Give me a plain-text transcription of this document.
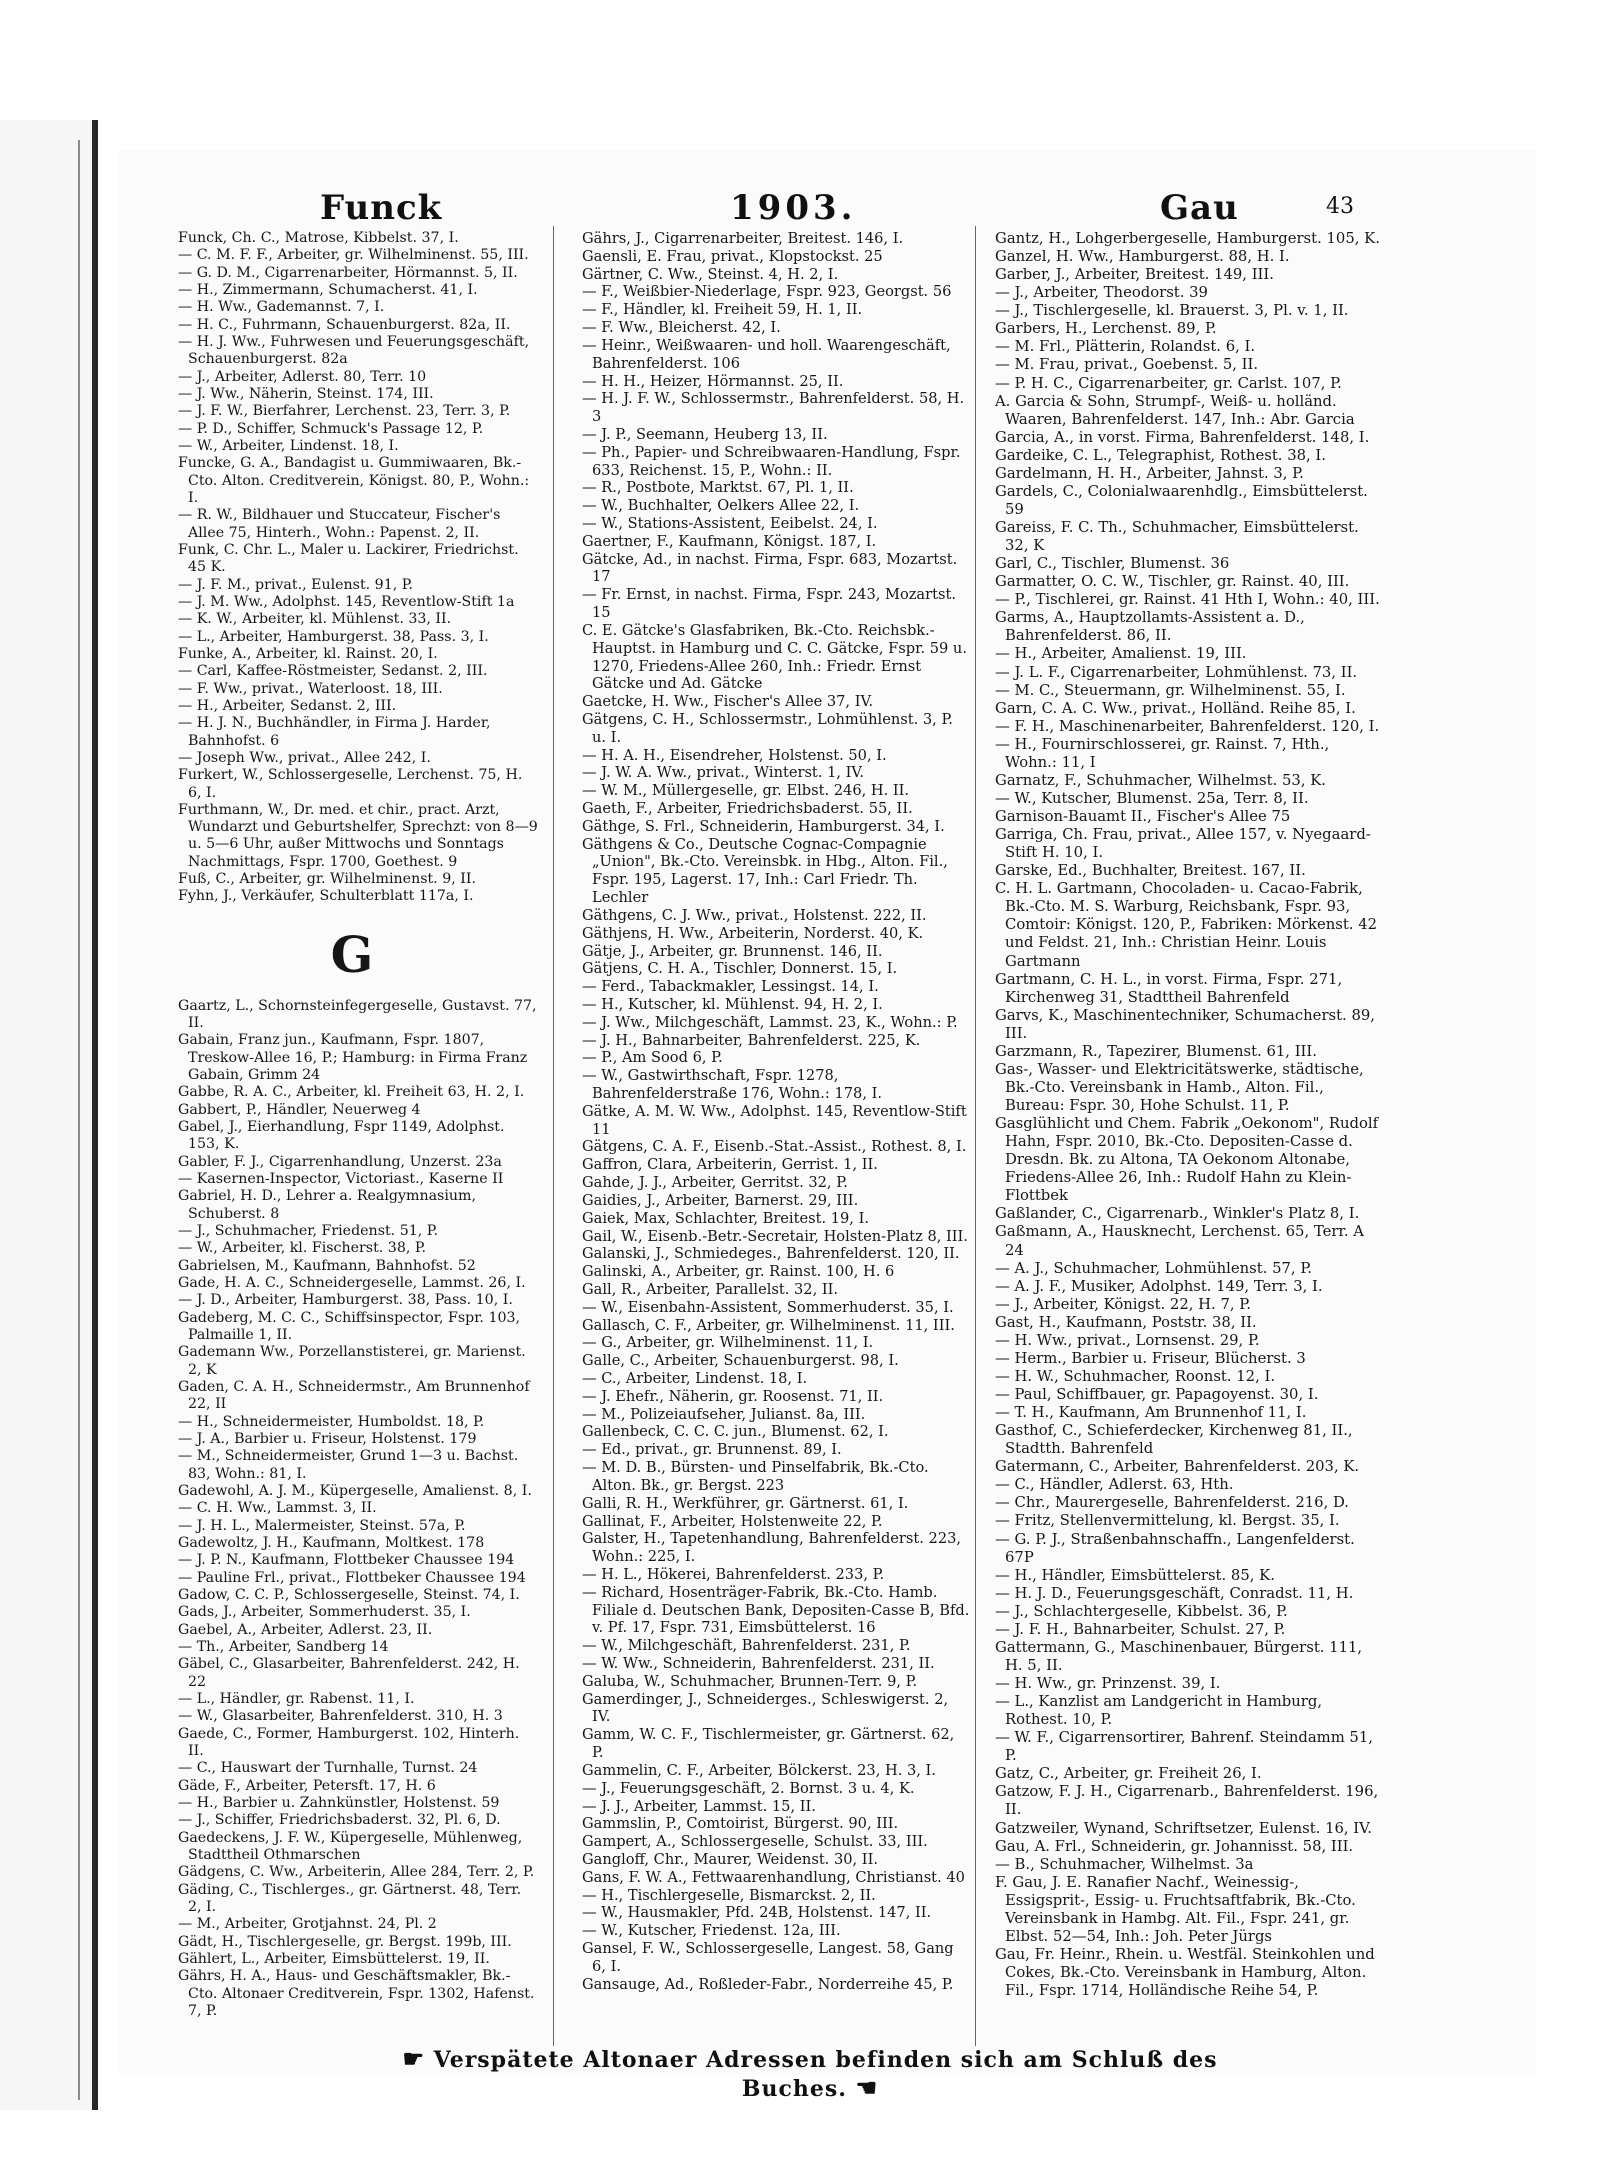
Funck	1903.	Gau	43
Funck, Ch. C., Matrose, Kibbelst. 37, I.
— C. M. F. F., Arbeiter, gr. Wilhelminenst. 55, III.
— G. D. M., Cigarrenarbeiter, Hörmannst. 5, II.
— H., Zimmermann, Schumacherst. 41, I.
— H. Ww., Gademannst. 7, I.
— H. C., Fuhrmann, Schauenburgerst. 82a, II.
— H. J. Ww., Fuhrwesen und Feuerungsgeschäft, Schauenburgerst. 82a
— J., Arbeiter, Adlerst. 80, Terr. 10
— J. Ww., Näherin, Steinst. 174, III.
— J. F. W., Bierfahrer, Lerchenst. 23, Terr. 3, P.
— P. D., Schiffer, Schmuck's Passage 12, P.
— W., Arbeiter, Lindenst. 18, I.
Funcke, G. A., Bandagist u. Gummiwaaren, Bk.-Cto. Alton. Creditverein, Königst. 80, P., Wohn.: I.
— R. W., Bildhauer und Stuccateur, Fischer's Allee 75, Hinterh., Wohn.: Papenst. 2, II.
Funk, C. Chr. L., Maler u. Lackirer, Friedrichst. 45 K.
— J. F. M., privat., Eulenst. 91, P.
— J. M. Ww., Adolphst. 145, Reventlow-Stift 1a
— K. W., Arbeiter, kl. Mühlenst. 33, II.
— L., Arbeiter, Hamburgerst. 38, Pass. 3, I.
Funke, A., Arbeiter, kl. Rainst. 20, I.
— Carl, Kaffee-Röstmeister, Sedanst. 2, III.
— F. Ww., privat., Waterloost. 18, III.
— H., Arbeiter, Sedanst. 2, III.
— H. J. N., Buchhändler, in Firma J. Harder, Bahnhofst. 6
— Joseph Ww., privat., Allee 242, I.
Furkert, W., Schlossergeselle, Lerchenst. 75, H. 6, I.
Furthmann, W., Dr. med. et chir., pract. Arzt, Wundarzt und Geburtshelfer, Sprechzt: von 8—9 u. 5—6 Uhr, außer Mittwochs und Sonntags Nachmittags, Fspr. 1700, Goethest. 9
Fuß, C., Arbeiter, gr. Wilhelminenst. 9, II.
Fyhn, J., Verkäufer, Schulterblatt 117a, I.
G
Gaartz, L., Schornsteinfegergeselle, Gustavst. 77, II.
Gabain, Franz jun., Kaufmann, Fspr. 1807, Treskow-Allee 16, P.; Hamburg: in Firma Franz Gabain, Grimm 24
Gabbe, R. A. C., Arbeiter, kl. Freiheit 63, H. 2, I.
Gabbert, P., Händler, Neuerweg 4
Gabel, J., Eierhandlung, Fspr 1149, Adolphst. 153, K.
Gabler, F. J., Cigarrenhandlung, Unzerst. 23a
— Kasernen-Inspector, Victoriast., Kaserne II
Gabriel, H. D., Lehrer a. Realgymnasium, Schuberst. 8
— J., Schuhmacher, Friedenst. 51, P.
— W., Arbeiter, kl. Fischerst. 38, P.
Gabrielsen, M., Kaufmann, Bahnhofst. 52
Gade, H. A. C., Schneidergeselle, Lammst. 26, I.
— J. D., Arbeiter, Hamburgerst. 38, Pass. 10, I.
Gadeberg, M. C. C., Schiffsinspector, Fspr. 103, Palmaille 1, II.
Gademann Ww., Porzellanstisterei, gr. Marienst. 2, K
Gaden, C. A. H., Schneidermstr., Am Brunnenhof 22, II
— H., Schneidermeister, Humboldst. 18, P.
— J. A., Barbier u. Friseur, Holstenst. 179
— M., Schneidermeister, Grund 1—3 u. Bachst. 83, Wohn.: 81, I.
Gadewohl, A. J. M., Küpergeselle, Amalienst. 8, I.
— C. H. Ww., Lammst. 3, II.
— J. H. L., Malermeister, Steinst. 57a, P.
Gadewoltz, J. H., Kaufmann, Moltkest. 178
— J. P. N., Kaufmann, Flottbeker Chaussee 194
— Pauline Frl., privat., Flottbeker Chaussee 194
Gadow, C. C. P., Schlossergeselle, Steinst. 74, I.
Gads, J., Arbeiter, Sommerhuderst. 35, I.
Gaebel, A., Arbeiter, Adlerst. 23, II.
— Th., Arbeiter, Sandberg 14
Gäbel, C., Glasarbeiter, Bahrenfelderst. 242, H. 22
— L., Händler, gr. Rabenst. 11, I.
— W., Glasarbeiter, Bahrenfelderst. 310, H. 3
Gaede, C., Former, Hamburgerst. 102, Hinterh. II.
— C., Hauswart der Turnhalle, Turnst. 24
Gäde, F., Arbeiter, Petersft. 17, H. 6
— H., Barbier u. Zahnkünstler, Holstenst. 59
— J., Schiffer, Friedrichsbaderst. 32, Pl. 6, D.
Gaedeckens, J. F. W., Küpergeselle, Mühlenweg, Stadttheil Othmarschen
Gädgens, C. Ww., Arbeiterin, Allee 284, Terr. 2, P.
Gäding, C., Tischlerges., gr. Gärtnerst. 48, Terr. 2, I.
— M., Arbeiter, Grotjahnst. 24, Pl. 2
Gädt, H., Tischlergeselle, gr. Bergst. 199b, III.
Gählert, L., Arbeiter, Eimsbüttelerst. 19, II.
Gährs, H. A., Haus- und Geschäftsmakler, Bk.-Cto. Altonaer Creditverein, Fspr. 1302, Hafenst. 7, P.
Gährs, J., Cigarrenarbeiter, Breitest. 146, I.
Gaensli, E. Frau, privat., Klopstockst. 25
Gärtner, C. Ww., Steinst. 4, H. 2, I.
— F., Weißbier-Niederlage, Fspr. 923, Georgst. 56
— F., Händler, kl. Freiheit 59, H. 1, II.
— F. Ww., Bleicherst. 42, I.
— Heinr., Weißwaaren- und holl. Waarengeschäft, Bahrenfelderst. 106
— H. H., Heizer, Hörmannst. 25, II.
— H. J. F. W., Schlossermstr., Bahrenfelderst. 58, H. 3
— J. P., Seemann, Heuberg 13, II.
— Ph., Papier- und Schreibwaaren-Handlung, Fspr. 633, Reichenst. 15, P., Wohn.: II.
— R., Postbote, Marktst. 67, Pl. 1, II.
— W., Buchhalter, Oelkers Allee 22, I.
— W., Stations-Assistent, Eeibelst. 24, I.
Gaertner, F., Kaufmann, Königst. 187, I.
Gätcke, Ad., in nachst. Firma, Fspr. 683, Mozartst. 17
— Fr. Ernst, in nachst. Firma, Fspr. 243, Mozartst. 15
C. E. Gätcke's Glasfabriken, Bk.-Cto. Reichsbk.-Hauptst. in Hamburg und C. C. Gätcke, Fspr. 59 u. 1270, Friedens-Allee 260, Inh.: Friedr. Ernst Gätcke und Ad. Gätcke
Gaetcke, H. Ww., Fischer's Allee 37, IV.
Gätgens, C. H., Schlossermstr., Lohmühlenst. 3, P. u. I.
— H. A. H., Eisendreher, Holstenst. 50, I.
— J. W. A. Ww., privat., Winterst. 1, IV.
— W. M., Müllergeselle, gr. Elbst. 246, H. II.
Gaeth, F., Arbeiter, Friedrichsbaderst. 55, II.
Gäthge, S. Frl., Schneiderin, Hamburgerst. 34, I.
Gäthgens & Co., Deutsche Cognac-Compagnie „Union", Bk.-Cto. Vereinsbk. in Hbg., Alton. Fil., Fspr. 195, Lagerst. 17, Inh.: Carl Friedr. Th. Lechler
Gäthgens, C. J. Ww., privat., Holstenst. 222, II.
Gäthjens, H. Ww., Arbeiterin, Norderst. 40, K.
Gätje, J., Arbeiter, gr. Brunnenst. 146, II.
Gätjens, C. H. A., Tischler, Donnerst. 15, I.
— Ferd., Tabackmakler, Lessingst. 14, I.
— H., Kutscher, kl. Mühlenst. 94, H. 2, I.
— J. Ww., Milchgeschäft, Lammst. 23, K., Wohn.: P.
— J. H., Bahnarbeiter, Bahrenfelderst. 225, K.
— P., Am Sood 6, P.
— W., Gastwirthschaft, Fspr. 1278, Bahrenfelderstraße 176, Wohn.: 178, I.
Gätke, A. M. W. Ww., Adolphst. 145, Reventlow-Stift 11
Gätgens, C. A. F., Eisenb.-Stat.-Assist., Rothest. 8, I.
Gaffron, Clara, Arbeiterin, Gerrist. 1, II.
Gahde, J. J., Arbeiter, Gerritst. 32, P.
Gaidies, J., Arbeiter, Barnerst. 29, III.
Gaiek, Max, Schlachter, Breitest. 19, I.
Gail, W., Eisenb.-Betr.-Secretair, Holsten-Platz 8, III.
Galanski, J., Schmiedeges., Bahrenfelderst. 120, II.
Galinski, A., Arbeiter, gr. Rainst. 100, H. 6
Gall, R., Arbeiter, Parallelst. 32, II.
— W., Eisenbahn-Assistent, Sommerhuderst. 35, I.
Gallasch, C. F., Arbeiter, gr. Wilhelminenst. 11, III.
— G., Arbeiter, gr. Wilhelminenst. 11, I.
Galle, C., Arbeiter, Schauenburgerst. 98, I.
— C., Arbeiter, Lindenst. 18, I.
— J. Ehefr., Näherin, gr. Roosenst. 71, II.
— M., Polizeiaufseher, Julianst. 8a, III.
Gallenbeck, C. C. C. jun., Blumenst. 62, I.
— Ed., privat., gr. Brunnenst. 89, I.
— M. D. B., Bürsten- und Pinselfabrik, Bk.-Cto. Alton. Bk., gr. Bergst. 223
Galli, R. H., Werkführer, gr. Gärtnerst. 61, I.
Gallinat, F., Arbeiter, Holstenweite 22, P.
Galster, H., Tapetenhandlung, Bahrenfelderst. 223, Wohn.: 225, I.
— H. L., Hökerei, Bahrenfelderst. 233, P.
— Richard, Hosenträger-Fabrik, Bk.-Cto. Hamb. Filiale d. Deutschen Bank, Depositen-Casse B, Bfd. v. Pf. 17, Fspr. 731, Eimsbüttelerst. 16
— W., Milchgeschäft, Bahrenfelderst. 231, P.
— W. Ww., Schneiderin, Bahrenfelderst. 231, II.
Galuba, W., Schuhmacher, Brunnen-Terr. 9, P.
Gamerdinger, J., Schneiderges., Schleswigerst. 2, IV.
Gamm, W. C. F., Tischlermeister, gr. Gärtnerst. 62, P.
Gammelin, C. F., Arbeiter, Bölckerst. 23, H. 3, I.
— J., Feuerungsgeschäft, 2. Bornst. 3 u. 4, K.
— J. J., Arbeiter, Lammst. 15, II.
Gammslin, P., Comtoirist, Bürgerst. 90, III.
Gampert, A., Schlossergeselle, Schulst. 33, III.
Gangloff, Chr., Maurer, Weidenst. 30, II.
Gans, F. W. A., Fettwaarenhandlung, Christianst. 40
— H., Tischlergeselle, Bismarckst. 2, II.
— W., Hausmakler, Pfd. 24B, Holstenst. 147, II.
— W., Kutscher, Friedenst. 12a, III.
Gansel, F. W., Schlossergeselle, Langest. 58, Gang 6, I.
Gansauge, Ad., Roßleder-Fabr., Norderreihe 45, P.
Gantz, H., Lohgerbergeselle, Hamburgerst. 105, K.
Ganzel, H. Ww., Hamburgerst. 88, H. I.
Garber, J., Arbeiter, Breitest. 149, III.
— J., Arbeiter, Theodorst. 39
— J., Tischlergeselle, kl. Brauerst. 3, Pl. v. 1, II.
Garbers, H., Lerchenst. 89, P.
— M. Frl., Plätterin, Rolandst. 6, I.
— M. Frau, privat., Goebenst. 5, II.
— P. H. C., Cigarrenarbeiter, gr. Carlst. 107, P.
A. Garcia & Sohn, Strumpf-, Weiß- u. holländ. Waaren, Bahrenfelderst. 147, Inh.: Abr. Garcia
Garcia, A., in vorst. Firma, Bahrenfelderst. 148, I.
Gardeike, C. L., Telegraphist, Rothest. 38, I.
Gardelmann, H. H., Arbeiter, Jahnst. 3, P.
Gardels, C., Colonialwaarenhdlg., Eimsbüttelerst. 59
Gareiss, F. C. Th., Schuhmacher, Eimsbüttelerst. 32, K
Garl, C., Tischler, Blumenst. 36
Garmatter, O. C. W., Tischler, gr. Rainst. 40, III.
— P., Tischlerei, gr. Rainst. 41 Hth I, Wohn.: 40, III.
Garms, A., Hauptzollamts-Assistent a. D., Bahrenfelderst. 86, II.
— H., Arbeiter, Amalienst. 19, III.
— J. L. F., Cigarrenarbeiter, Lohmühlenst. 73, II.
— M. C., Steuermann, gr. Wilhelminenst. 55, I.
Garn, C. A. C. Ww., privat., Holländ. Reihe 85, I.
— F. H., Maschinenarbeiter, Bahrenfelderst. 120, I.
— H., Fournirschlosserei, gr. Rainst. 7, Hth., Wohn.: 11, I
Garnatz, F., Schuhmacher, Wilhelmst. 53, K.
— W., Kutscher, Blumenst. 25a, Terr. 8, II.
Garnison-Bauamt II., Fischer's Allee 75
Garriga, Ch. Frau, privat., Allee 157, v. Nyegaard-Stift H. 10, I.
Garske, Ed., Buchhalter, Breitest. 167, II.
C. H. L. Gartmann, Chocoladen- u. Cacao-Fabrik, Bk.-Cto. M. S. Warburg, Reichsbank, Fspr. 93, Comtoir: Königst. 120, P., Fabriken: Mörkenst. 42 und Feldst. 21, Inh.: Christian Heinr. Louis Gartmann
Gartmann, C. H. L., in vorst. Firma, Fspr. 271, Kirchenweg 31, Stadttheil Bahrenfeld
Garvs, K., Maschinentechniker, Schumacherst. 89, III.
Garzmann, R., Tapezirer, Blumenst. 61, III.
Gas-, Wasser- und Elektricitätswerke, städtische, Bk.-Cto. Vereinsbank in Hamb., Alton. Fil., Bureau: Fspr. 30, Hohe Schulst. 11, P.
Gasglühlicht und Chem. Fabrik „Oekonom", Rudolf Hahn, Fspr. 2010, Bk.-Cto. Depositen-Casse d. Dresdn. Bk. zu Altona, TA Oekonom Altonabe, Friedens-Allee 26, Inh.: Rudolf Hahn zu Klein-Flottbek
Gaßlander, C., Cigarrenarb., Winkler's Platz 8, I.
Gaßmann, A., Hausknecht, Lerchenst. 65, Terr. A 24
— A. J., Schuhmacher, Lohmühlenst. 57, P.
— A. J. F., Musiker, Adolphst. 149, Terr. 3, I.
— J., Arbeiter, Königst. 22, H. 7, P.
Gast, H., Kaufmann, Poststr. 38, II.
— H. Ww., privat., Lornsenst. 29, P.
— Herm., Barbier u. Friseur, Blücherst. 3
— H. W., Schuhmacher, Roonst. 12, I.
— Paul, Schiffbauer, gr. Papagoyenst. 30, I.
— T. H., Kaufmann, Am Brunnenhof 11, I.
Gasthof, C., Schieferdecker, Kirchenweg 81, II., Stadtth. Bahrenfeld
Gatermann, C., Arbeiter, Bahrenfelderst. 203, K.
— C., Händler, Adlerst. 63, Hth.
— Chr., Maurergeselle, Bahrenfelderst. 216, D.
— Fritz, Stellenvermittelung, kl. Bergst. 35, I.
— G. P. J., Straßenbahnschaffn., Langenfelderst. 67P
— H., Händler, Eimsbüttelerst. 85, K.
— H. J. D., Feuerungsgeschäft, Conradst. 11, H.
— J., Schlachtergeselle, Kibbelst. 36, P.
— J. F. H., Bahnarbeiter, Schulst. 27, P.
Gattermann, G., Maschinenbauer, Bürgerst. 111, H. 5, II.
— H. Ww., gr. Prinzenst. 39, I.
— L., Kanzlist am Landgericht in Hamburg, Rothest. 10, P.
— W. F., Cigarrensortirer, Bahrenf. Steindamm 51, P.
Gatz, C., Arbeiter, gr. Freiheit 26, I.
Gatzow, F. J. H., Cigarrenarb., Bahrenfelderst. 196, II.
Gatzweiler, Wynand, Schriftsetzer, Eulenst. 16, IV.
Gau, A. Frl., Schneiderin, gr. Johannisst. 58, III.
— B., Schuhmacher, Wilhelmst. 3a
F. Gau, J. E. Ranafier Nachf., Weinessig-, Essigsprit-, Essig- u. Fruchtsaftfabrik, Bk.-Cto. Vereinsbank in Hambg. Alt. Fil., Fspr. 241, gr. Elbst. 52—54, Inh.: Joh. Peter Jürgs
Gau, Fr. Heinr., Rhein. u. Westfäl. Steinkohlen und Cokes, Bk.-Cto. Vereinsbank in Hamburg, Alton. Fil., Fspr. 1714, Holländische Reihe 54, P.
☛ Verspätete Altonaer Adressen befinden sich am Schluß des Buches. ☚
